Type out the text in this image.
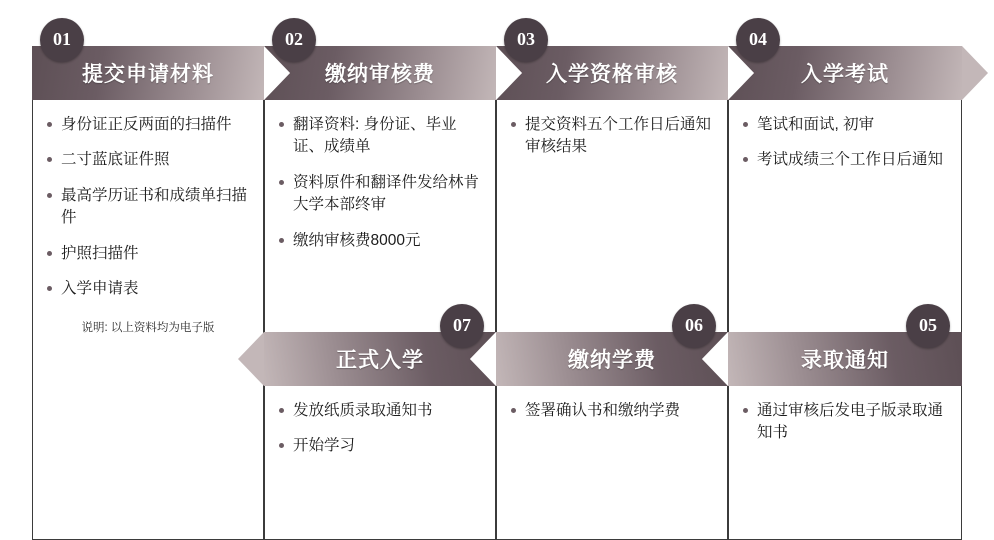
提交申请材料
身份证正反两面的扫描件
二寸蓝底证件照
最高学历证书和成绩单扫描件
护照扫描件
入学申请表
说明: 以上资料均为电子版
01
缴纳审核费
翻译资料: 身份证、毕业证、成绩单
资料原件和翻译件发给林肯大学本部终审
缴纳审核费8000元
02
入学资格审核
提交资料五个工作日后通知审核结果
03
入学考试
笔试和面试, 初审
考试成绩三个工作日后通知
04
正式入学
发放纸质录取通知书
开始学习
07
缴纳学费
签署确认书和缴纳学费
06
录取通知
通过审核后发电子版录取通知书
05
